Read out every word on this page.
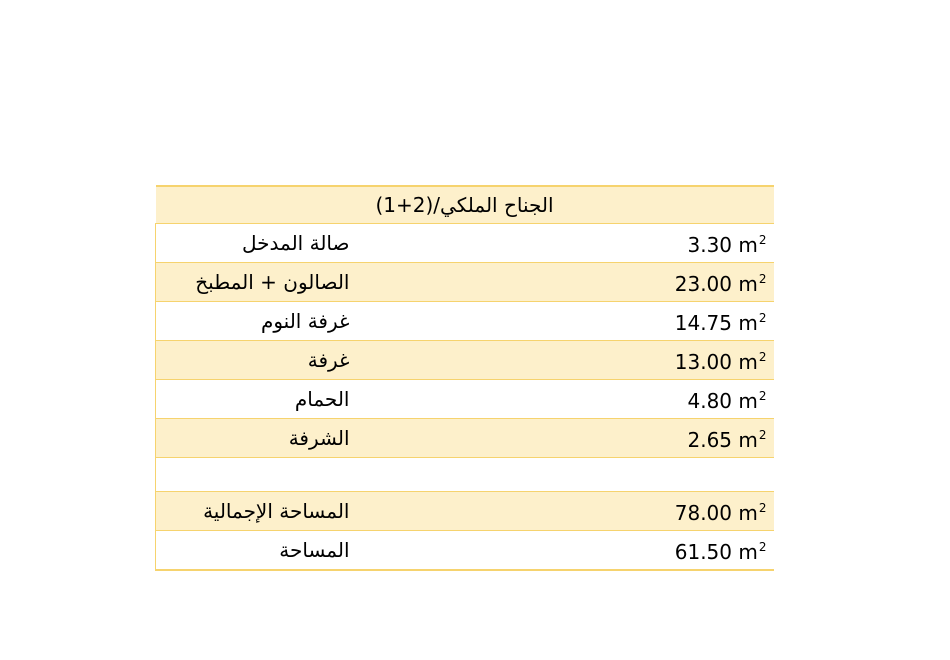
الجناح الملكي/(2+1)	
صالة المدخل	3.30 $m^2$
الصالون + المطبخ	23.00 $m^2$
غرفة النوم	14.75 $m^2$
غرفة	13.00 $m^2$
الحمام	4.80 $m^2$
الشرفة	2.65 $m^2$

المساحة الإجمالية	78.00 $m^2$
المساحة	61.50 $m^2$
